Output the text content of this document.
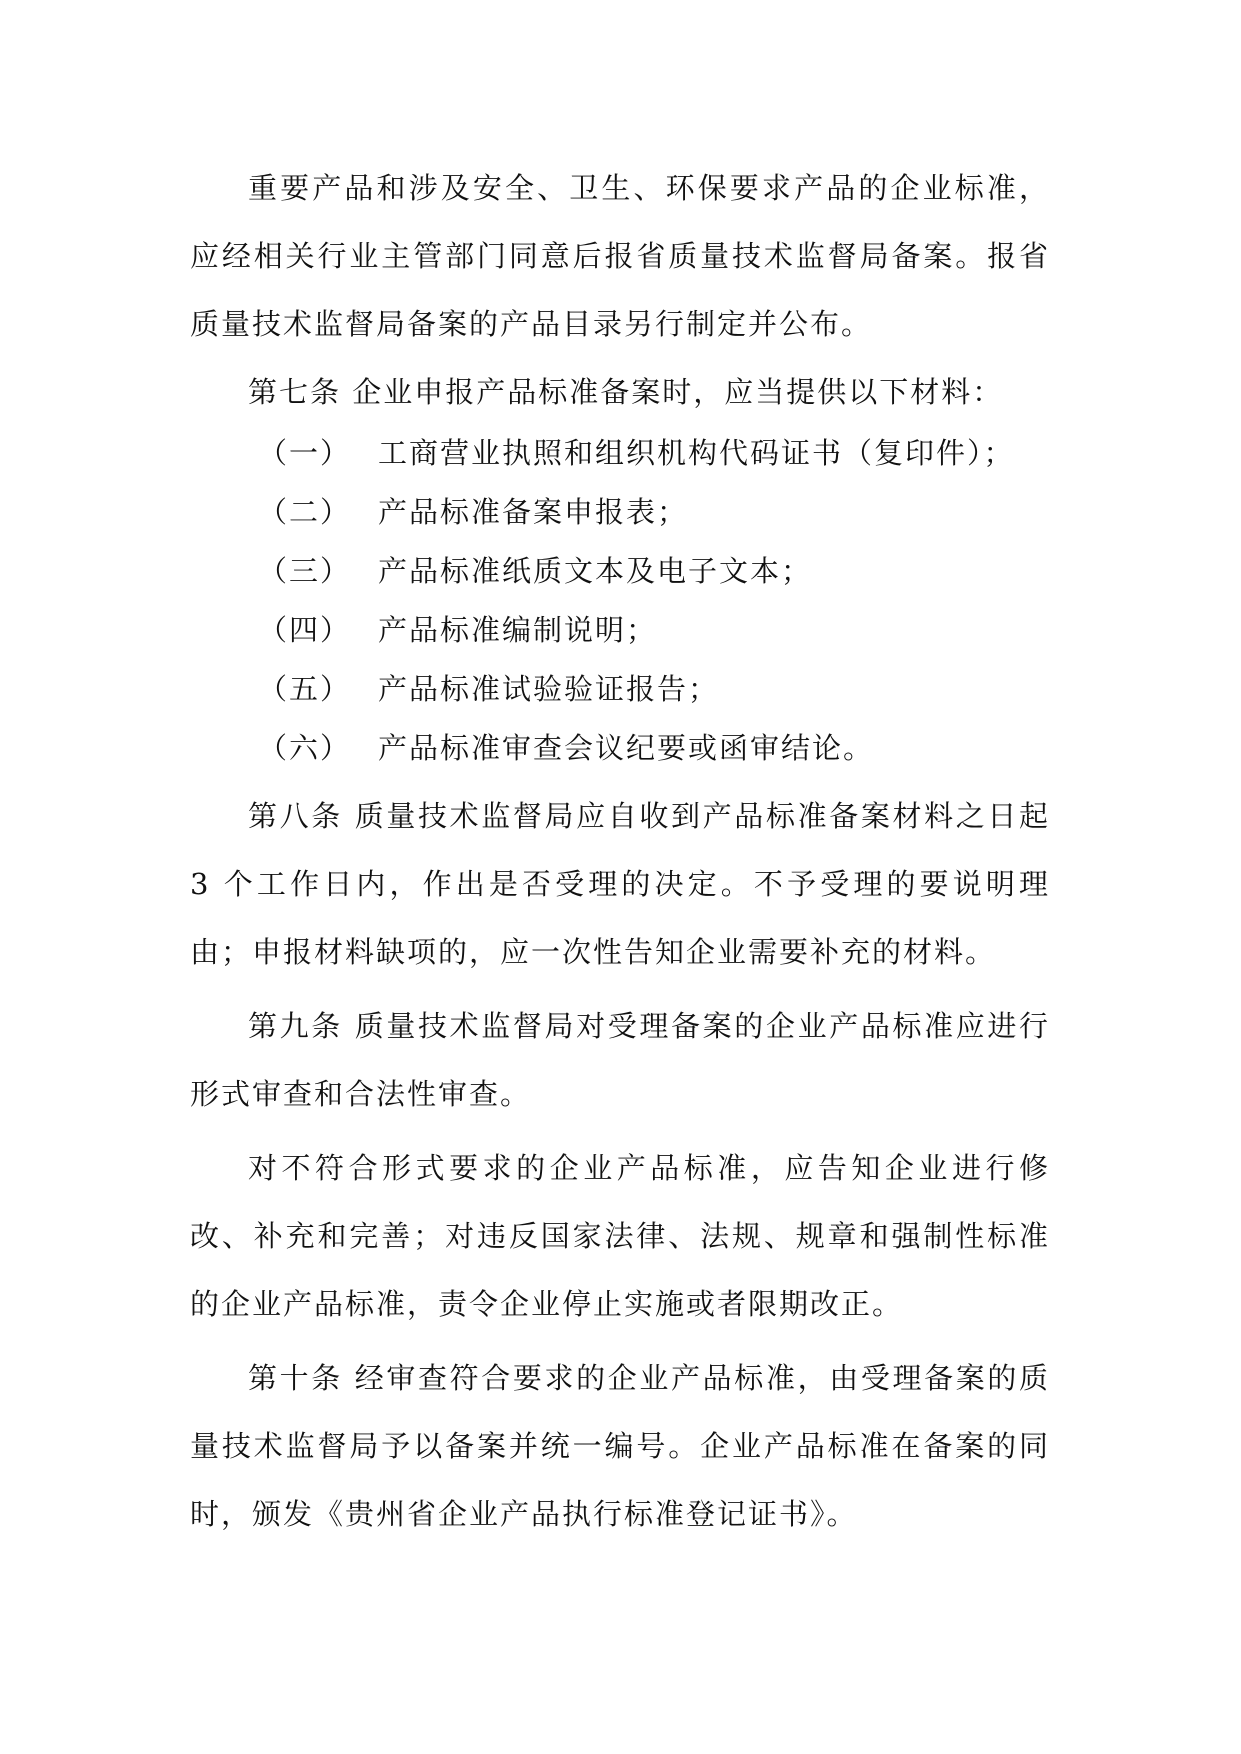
重要产品和涉及安全、卫生、环保要求产品的企业标准，应经相关行业主管部门同意后报省质量技术监督局备案。报省质量技术监督局备案的产品目录另行制定并公布。

第七条 企业申报产品标准备案时，应当提供以下材料：

（一） 工商营业执照和组织机构代码证书（复印件）；

（二） 产品标准备案申报表；

（三） 产品标准纸质文本及电子文本；

（四） 产品标准编制说明；

（五） 产品标准试验验证报告；

（六） 产品标准审查会议纪要或函审结论。

第八条 质量技术监督局应自收到产品标准备案材料之日起 3 个工作日内，作出是否受理的决定。不予受理的要说明理由；申报材料缺项的，应一次性告知企业需要补充的材料。

第九条 质量技术监督局对受理备案的企业产品标准应进行形式审查和合法性审查。

对不符合形式要求的企业产品标准，应告知企业进行修改、补充和完善；对违反国家法律、法规、规章和强制性标准的企业产品标准，责令企业停止实施或者限期改正。

第十条 经审查符合要求的企业产品标准，由受理备案的质量技术监督局予以备案并统一编号。企业产品标准在备案的同时，颁发《贵州省企业产品执行标准登记证书》。
